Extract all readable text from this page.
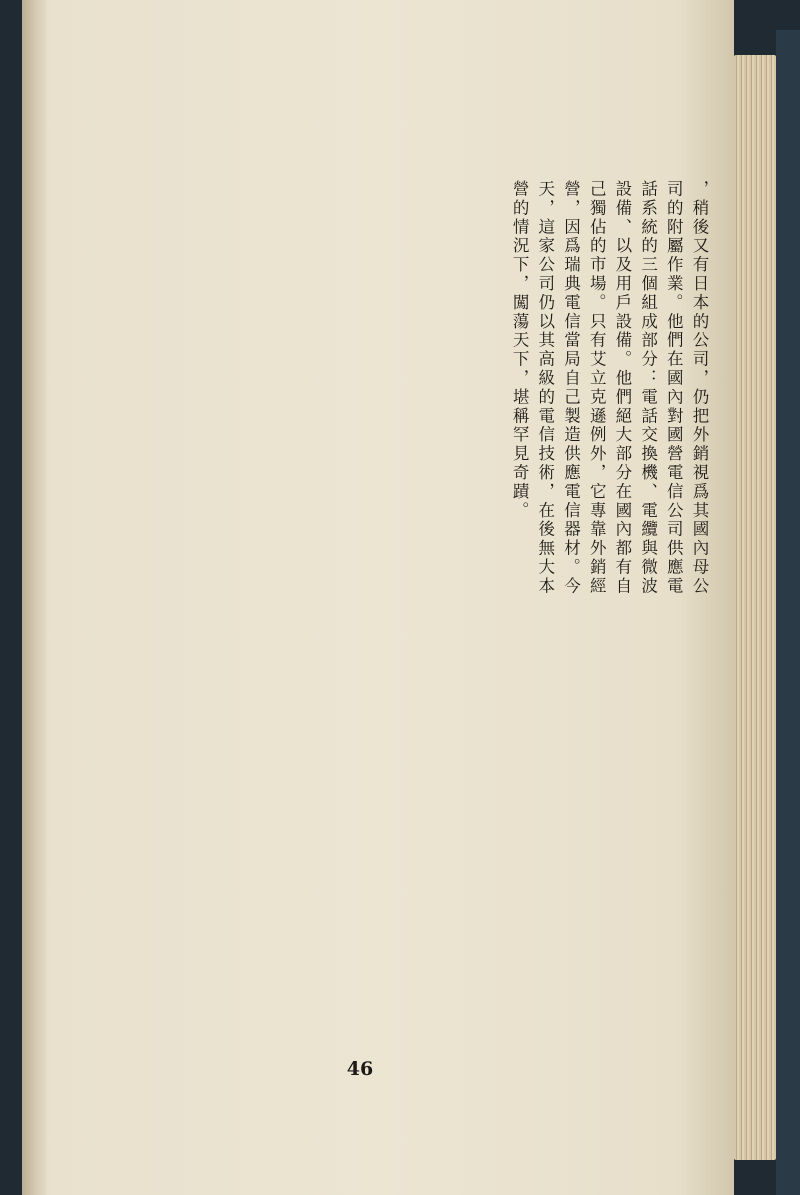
，稍後又有日本的公司，仍把外銷視爲其國內母公司的附屬作業。他們在國內對國營電信公司供應電話系統的三個組成部分：電話交換機、電纜與微波設備、以及用戶設備。他們絕大部分在國內都有自己獨佔的市場。只有艾立克遜例外，它專靠外銷經營，因爲瑞典電信當局自己製造供應電信器材。今天，這家公司仍以其高級的電信技術，在後無大本營的情況下，闖蕩天下，堪稱罕見奇蹟。

46
